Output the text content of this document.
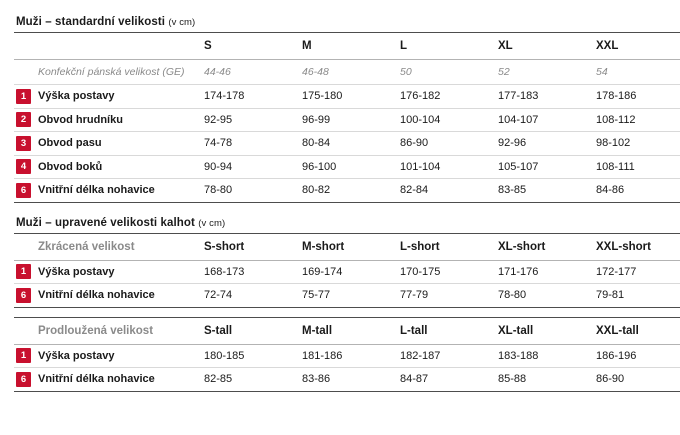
Muži – standardní velikosti (v cm)
	S	M	L	XL	XXL
Konfekční pánská velikost (GE)	44-46	46-48	50	52	54

1 Výška postavy	174-178	175-180	176-182	177-183	178-186

2 Obvod hrudníku	92-95	96-99	100-104	104-107	108-112

3 Obvod pasu	74-78	80-84	86-90	92-96	98-102

4 Obvod boků	90-94	96-100	101-104	105-107	108-111

6 Vnitřní délka nohavice	78-80	80-82	82-84	83-85	84-86
Muži – upravené velikosti kalhot (v cm)
Zkrácená velikost	S-short	M-short	L-short	XL-short	XXL-short

1 Výška postavy	168-173	169-174	170-175	171-176	172-177

6 Vnitřní délka nohavice	72-74	75-77	77-79	78-80	79-81

Prodloužená velikost	S-tall	M-tall	L-tall	XL-tall	XXL-tall

1 Výška postavy	180-185	181-186	182-187	183-188	186-196

6 Vnitřní délka nohavice	82-85	83-86	84-87	85-88	86-90
